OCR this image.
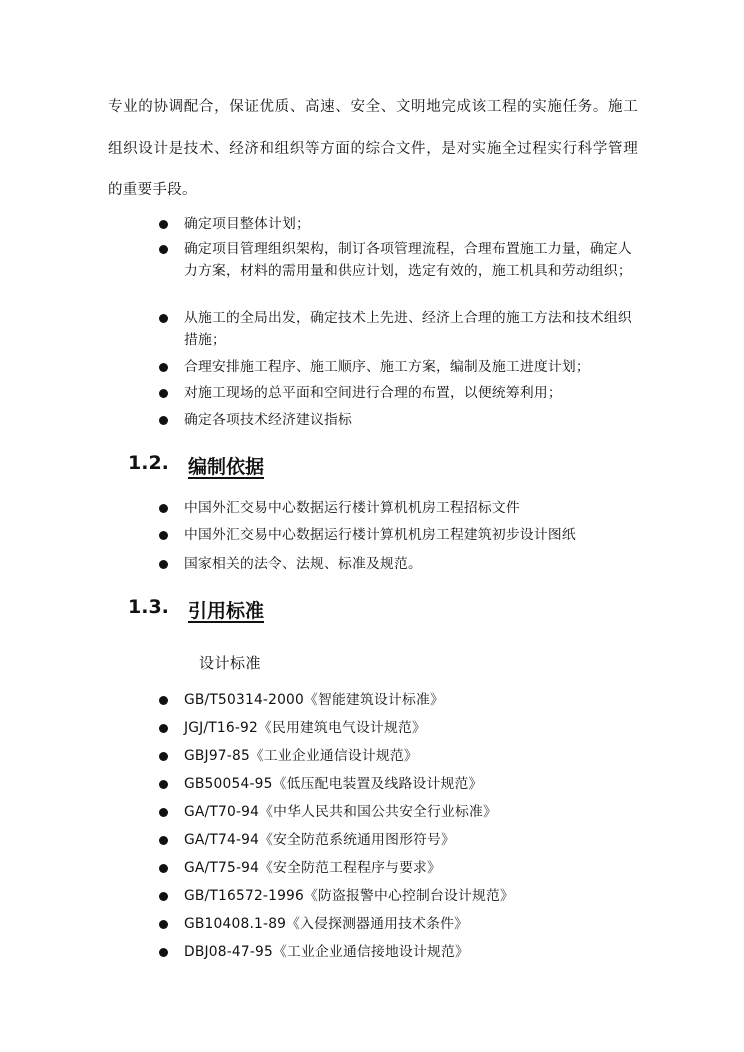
专业的协调配合，保证优质、高速、安全、文明地完成该工程的实施任务。施工组织设计是技术、经济和组织等方面的综合文件，是对实施全过程实行科学管理的重要手段。

确定项目整体计划；
确定项目管理组织架构，制订各项管理流程，合理布置施工力量，确定人力方案，材料的需用量和供应计划，选定有效的，施工机具和劳动组织；
从施工的全局出发，确定技术上先进、经济上合理的施工方法和技术组织措施；
合理安排施工程序、施工顺序、施工方案，编制及施工进度计划；
对施工现场的总平面和空间进行合理的布置，以便统筹利用；
确定各项技术经济建议指标
1.2. 编制依据
中国外汇交易中心数据运行楼计算机机房工程招标文件
中国外汇交易中心数据运行楼计算机机房工程建筑初步设计图纸
国家相关的法令、法规、标准及规范。
1.3. 引用标准
设计标准
GB/T50314-2000《智能建筑设计标准》
JGJ/T16-92《民用建筑电气设计规范》
GBJ97-85《工业企业通信设计规范》
GB50054-95《低压配电装置及线路设计规范》
GA/T70-94《中华人民共和国公共安全行业标准》
GA/T74-94《安全防范系统通用图形符号》
GA/T75-94《安全防范工程程序与要求》
GB/T16572-1996《防盗报警中心控制台设计规范》
GB10408.1-89《入侵探测器通用技术条件》
DBJ08-47-95《工业企业通信接地设计规范》
